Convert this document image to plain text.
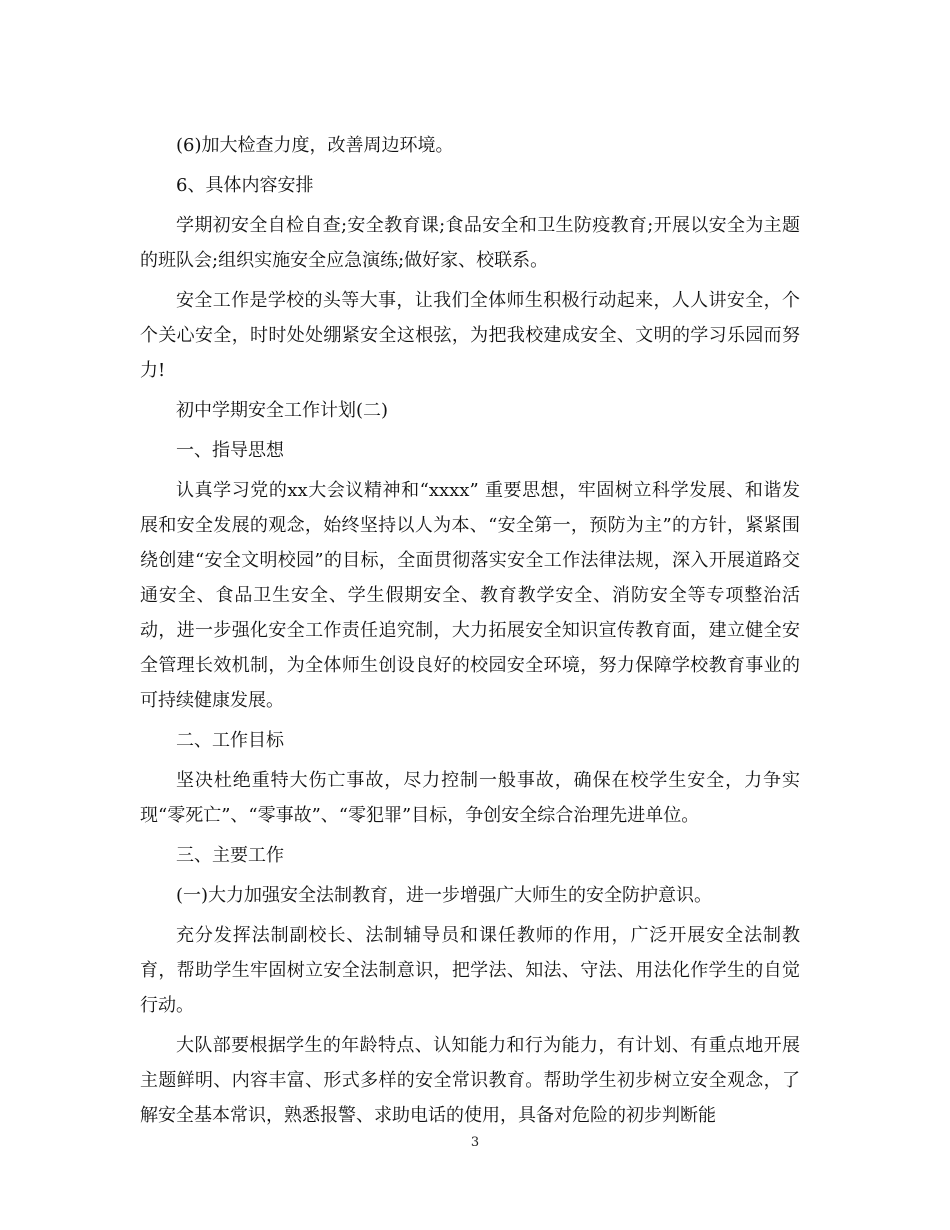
(6)加大检查力度，改善周边环境。

6、具体内容安排

学期初安全自检自查;安全教育课;食品安全和卫生防疫教育;开展以安全为主题的班队会;组织实施安全应急演练;做好家、校联系。

安全工作是学校的头等大事，让我们全体师生积极行动起来，人人讲安全，个个关心安全，时时处处绷紧安全这根弦，为把我校建成安全、文明的学习乐园而努力!

初中学期安全工作计划(二)

一、指导思想

认真学习党的xx大会议精神和“xxxx” 重要思想，牢固树立科学发展、和谐发展和安全发展的观念，始终坚持以人为本、“安全第一，预防为主”的方针，紧紧围绕创建“安全文明校园”的目标，全面贯彻落实安全工作法律法规，深入开展道路交通安全、食品卫生安全、学生假期安全、教育教学安全、消防安全等专项整治活动，进一步强化安全工作责任追究制，大力拓展安全知识宣传教育面，建立健全安全管理长效机制，为全体师生创设良好的校园安全环境，努力保障学校教育事业的可持续健康发展。

二、工作目标

坚决杜绝重特大伤亡事故，尽力控制一般事故，确保在校学生安全，力争实现“零死亡”、“零事故”、“零犯罪”目标，争创安全综合治理先进单位。

三、主要工作

(一)大力加强安全法制教育，进一步增强广大师生的安全防护意识。

充分发挥法制副校长、法制辅导员和课任教师的作用，广泛开展安全法制教育，帮助学生牢固树立安全法制意识，把学法、知法、守法、用法化作学生的自觉行动。

大队部要根据学生的年龄特点、认知能力和行为能力，有计划、有重点地开展主题鲜明、内容丰富、形式多样的安全常识教育。帮助学生初步树立安全观念，了解安全基本常识，熟悉报警、求助电话的使用，具备对危险的初步判断能

3
